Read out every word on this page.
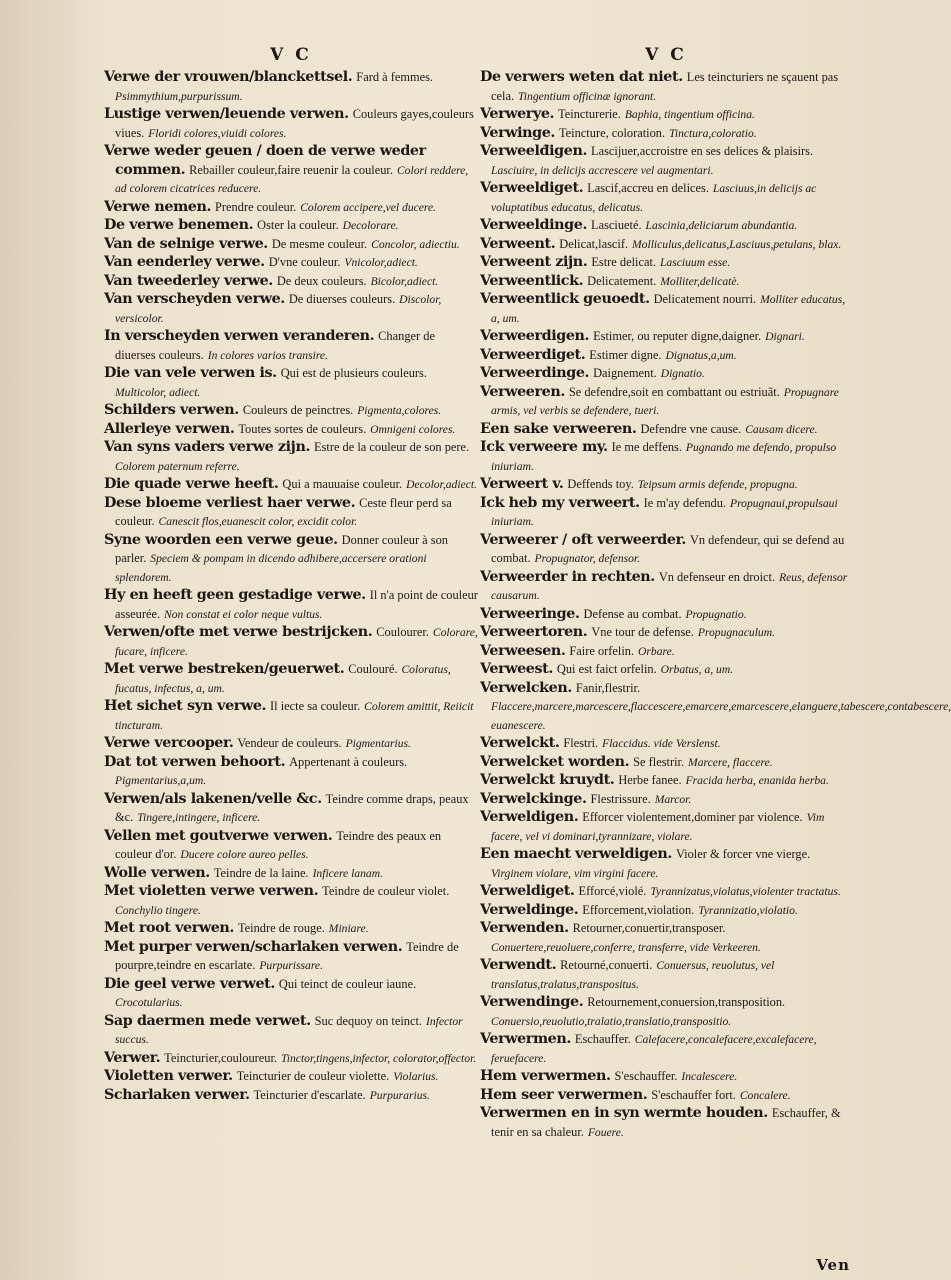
V C

Verwe der vrouwen/blanckettsel. Fard à femmes. Psimmythium,purpurissum.

Lustige verwen/leuende verwen. Couleurs gayes,couleurs viues. Floridi colores,viuidi colores.

Verwe weder geuen / doen de verwe weder commen. Rebailler couleur,faire reuenir la couleur. Colori reddere, ad colorem cicatrices reducere.

Verwe nemen. Prendre couleur. Colorem accipere,vel ducere.

De verwe benemen. Oster la couleur. Decolorare.

Van de selnige verwe. De mesme couleur. Concolor, adiectiu.

Van eenderley verwe. D'vne couleur. Vnicolor,adiect.

Van tweederley verwe. De deux couleurs. Bicolor,adiect.

Van verscheyden verwe. De diuerses couleurs. Discolor, versicolor.

In verscheyden verwen veranderen. Changer de diuerses couleurs. In colores varios transire.

Die van vele verwen is. Qui est de plusieurs couleurs. Multicolor, adiect.

Schilders verwen. Couleurs de peinctres. Pigmenta,colores.

Allerleye verwen. Toutes sortes de couleurs. Omnigeni colores.

Van syns vaders verwe zijn. Estre de la couleur de son pere. Colorem paternum referre.

Die quade verwe heeft. Qui a mauuaise couleur. Decolor,adiect.

Dese bloeme verliest haer verwe. Ceste fleur perd sa couleur. Canescit flos,euanescit color, excidit color.

Syne woorden een verwe geue. Donner couleur à son parler. Speciem & pompam in dicendo adhibere,accersere orationi splendorem.

Hy en heeft geen gestadige verwe. Il n'a point de couleur asseurée. Non constat ei color neque vultus.

Verwen/ofte met verwe bestrijcken. Coulourer. Colorare, fucare, inficere.

Met verwe bestreken/geuerwet. Coulouré. Coloratus, fucatus, infectus, a, um.

Het sichet syn verwe. Il iecte sa couleur. Colorem amittit, Reiicit tincturam.

Verwe vercooper. Vendeur de couleurs. Pigmentarius.

Dat tot verwen behoort. Appertenant à couleurs. Pigmentarius,a,um.

Verwen/als lakenen/velle &c. Teindre comme draps, peaux &c. Tingere,intingere, inficere.

Vellen met goutverwe verwen. Teindre des peaux en couleur d'or. Ducere colore aureo pelles.

Wolle verwen. Teindre de la laine. Inficere lanam.

Met violetten verwe verwen. Teindre de couleur violet. Conchylio tingere.

Met root verwen. Teindre de rouge. Miniare.

Met purper verwen/scharlaken verwen. Teindre de pourpre,teindre en escarlate. Purpurissare.

Die geel verwe verwet. Qui teinct de couleur iaune. Crocotularius.

Sap daermen mede verwet. Suc dequoy on teinct. Infector succus.

Verwer. Teincturier,couloureur. Tinctor,tingens,infector, colorator,offector.

Violetten verwer. Teincturier de couleur violette. Violarius.

Scharlaken verwer. Teincturier d'escarlate. Purpurarius.

V C

De verwers weten dat niet. Les teincturiers ne sçauent pas cela. Tingentium officinæ ignorant.

Verwerye. Teincturerie. Baphia, tingentium officina.

Verwinge. Teincture, coloration. Tinctura,coloratio.

Verweelđigen. Lascijuer,accroistre en ses delices & plaisirs. Lasciuire, in delicijs accrescere vel augmentari.

Verweeldiget. Lascif,accreu en delices. Lasciuus,in delicijs ac voluptatibus educatus, delicatus.

Verweeldinge. Lasciueté. Lascinia,deliciarum abundantia.

Verweent. Delicat,lascif. Molliculus,delicatus,Lasciuus,petulans, blax.

Verweent zijn. Estre delicat. Lasciuum esse.

Verweentlick. Delicatement. Molliter,delicatè.

Verweentlick geuoedt. Delicatement nourri. Molliter educatus, a, um.

Verweerdigen. Estimer, ou reputer digne,daigner. Dignari.

Verweerdiget. Estimer digne. Dignatus,a,um.

Verweerdinge. Daignement. Dignatio.

Verweeren. Se defendre,soit en combattant ou estriuãt. Propugnare armis, vel verbis se defendere, tueri.

Een sake verweeren. Defendre vne cause. Causam dicere.

Ick verweere my. Ie me deffens. Pugnando me defendo, propulso iniuriam.

Verweert v. Deffends toy. Teipsum armis defende, propugna.

Ick heb my verweert. Ie m'ay defendu. Propugnaui,propulsaui iniuriam.

Verweerer / oft verweerder. Vn defendeur, qui se defend au combat. Propugnator, defensor.

Verweerder in rechten. Vn defenseur en droict. Reus, defensor causarum.

Verweeringe. Defense au combat. Propugnatio.

Verweertoren. Vne tour de defense. Propugnaculum.

Verweesen. Faire orfelin. Orbare.

Verweest. Qui est faict orfelin. Orbatus, a, um.

Verwelcken. Fanir,flestrir. Flaccere,marcere,marcescere,flaccescere,emarcere,emarcescere,elanguere,tabescere,contabescere, euanescere.

Verwelckt. Flestri. Flaccidus. vide Verslenst.

Verwelcket worden. Se flestrir. Marcere, flaccere.

Verwelckt kruydt. Herbe fanee. Fracida herba, enanida herba.

Verwelckinge. Flestrissure. Marcor.

Verweldigen. Efforcer violentement,dominer par violence. Vim facere, vel vi dominari,tyrannizare, violare.

Een maecht verweldigen. Violer & forcer vne vierge. Virginem violare, vim virgini facere.

Verweldiget. Efforcé,violé. Tyrannizatus,violatus,violenter tractatus.

Verweldinge. Efforcement,violation. Tyrannizatio,violatio.

Verwenden. Retourner,conuertir,transposer. Conuertere,reuoluere,conferre, transferre, vide Verkeeren.

Verwendt. Retourné,conuerti. Conuersus, reuolutus, vel translatus,tralatus,transpositus.

Verwendinge. Retournement,conuersion,transposition. Conuersio,reuolutio,tralatio,translatio,transpositio.

Verwermen. Eschauffer. Calefacere,concalefacere,excalefacere, feruefacere.

Hem verwermen. S'eschauffer. Incalescere.

Hem seer verwermen. S'eschauffer fort. Concalere.

Verwermen en in syn wermte houden. Eschauffer, & tenir en sa chaleur. Fouere.

Ven
